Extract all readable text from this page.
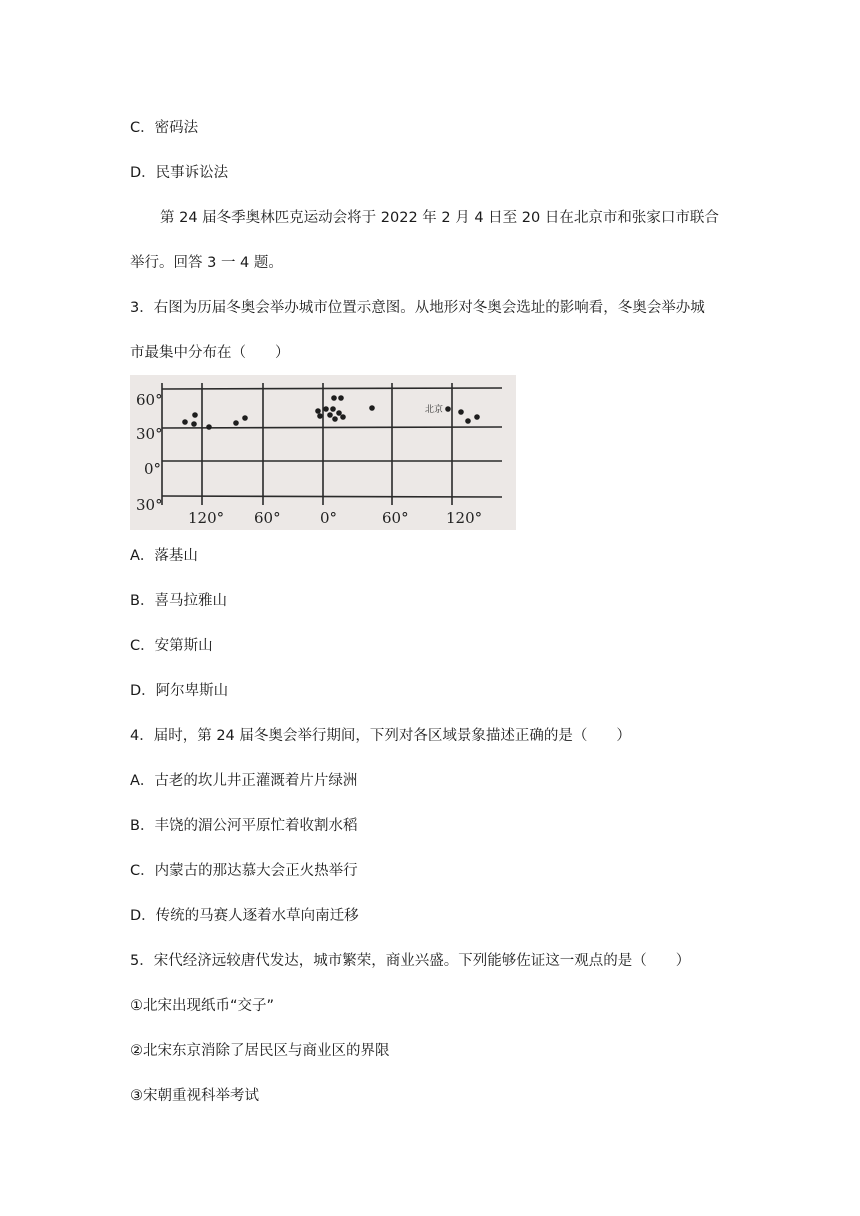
C．密码法
D．民事诉讼法
第 24 届冬季奥林匹克运动会将于 2022 年 2 月 4 日至 20 日在北京市和张家口市联合
举行。回答 3 一 4 题。
3．右图为历届冬奥会举办城市位置示意图。从地形对冬奥会选址的影响看，冬奥会举办城
市最集中分布在（　　）
60°
30°
0°
30°
120° 60°	0°	60° 120°
北京
A．落基山
B．喜马拉雅山
C．安第斯山
D．阿尔卑斯山
4．届时，第 24 届冬奥会举行期间，下列对各区域景象描述正确的是（　　）
A．古老的坎儿井正灌溉着片片绿洲
B．丰饶的湄公河平原忙着收割水稻
C．内蒙古的那达慕大会正火热举行
D．传统的马赛人逐着水草向南迁移
5．宋代经济远较唐代发达，城市繁荣，商业兴盛。下列能够佐证这一观点的是（　　）
①北宋出现纸币“交子”
②北宋东京消除了居民区与商业区的界限
③宋朝重视科举考试
